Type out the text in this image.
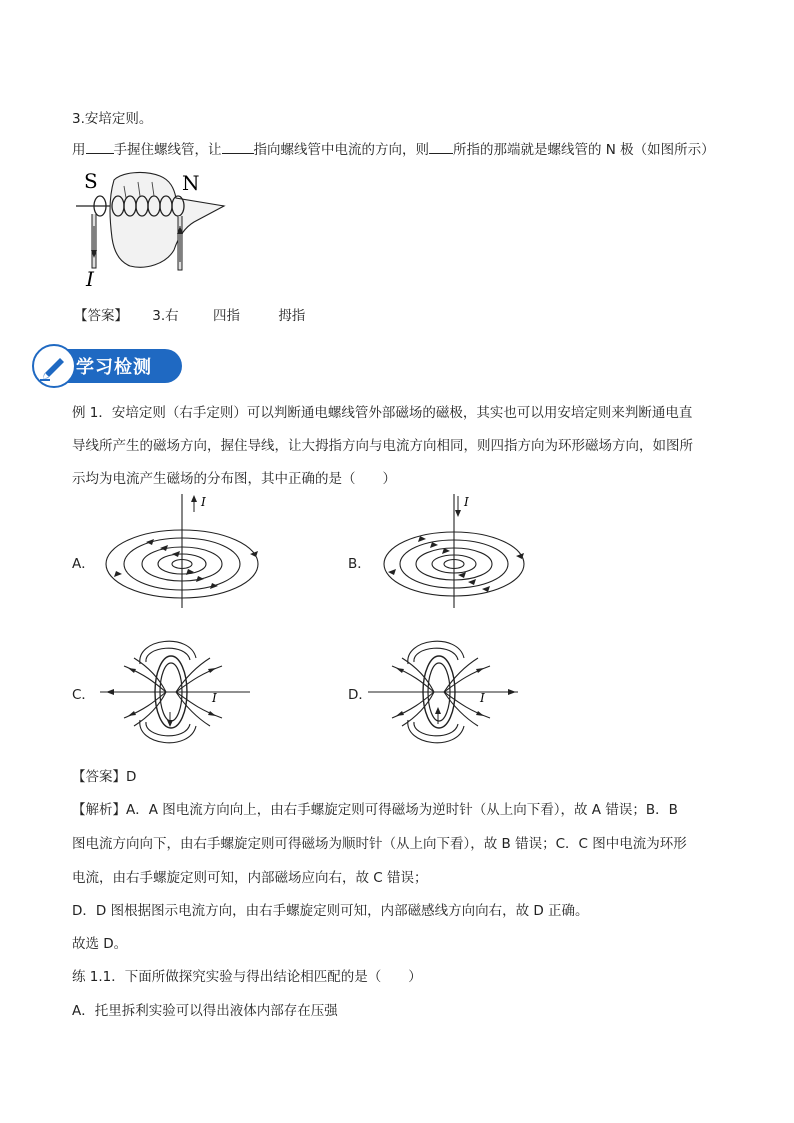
3.安培定则。
用 手握住螺线管，让 指向螺线管中电流的方向，则 所指的那端就是螺线管的 N 极（如图所示）
S	N
I
【答案】 3.右	四指	拇指
学习检测
例 1．安培定则（右手定则）可以判断通电螺线管外部磁场的磁极，其实也可以用安培定则来判断通电直
导线所产生的磁场方向，握住导线，让大拇指方向与电流方向相同，则四指方向为环形磁场方向，如图所
示均为电流产生磁场的分布图，其中正确的是（　　）
A．
I
B．
I
C．	I	D．	I
【答案】D
【解析】A．A 图电流方向向上，由右手螺旋定则可得磁场为逆时针（从上向下看），故 A 错误；B．B
图电流方向向下，由右手螺旋定则可得磁场为顺时针（从上向下看），故 B 错误；C．C 图中电流为环形
电流，由右手螺旋定则可知，内部磁场应向右，故 C 错误；
D．D 图根据图示电流方向，由右手螺旋定则可知，内部磁感线方向向右，故 D 正确。
故选 D。
练 1.1．下面所做探究实验与得出结论相匹配的是（　　）
A．托里拆利实验可以得出液体内部存在压强
